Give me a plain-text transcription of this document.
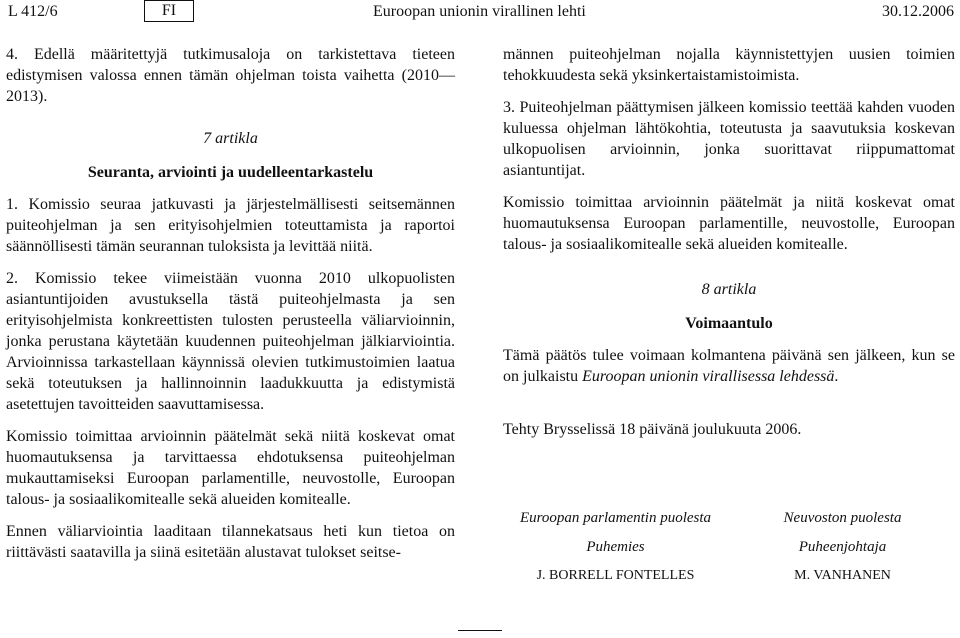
L 412/6	FI	Euroopan unionin virallinen lehti	30.12.2006

4. Edellä määritettyjä tutkimusaloja on tarkistettava tieteen edistymisen valossa ennen tämän ohjelman toista vaihetta (2010—2013).

7 artikla

Seuranta, arviointi ja uudelleentarkastelu

1. Komissio seuraa jatkuvasti ja järjestelmällisesti seitsemännen puiteohjelman ja sen erityisohjelmien toteuttamista ja raportoi säännöllisesti tämän seurannan tuloksista ja levittää niitä.

2. Komissio tekee viimeistään vuonna 2010 ulkopuolisten asiantuntijoiden avustuksella tästä puiteohjelmasta ja sen erityisohjelmista konkreettisten tulosten perusteella väliarvioinnin, jonka perustana käytetään kuudennen puiteohjelman jälkiarviointia. Arvioinnissa tarkastellaan käynnissä olevien tutkimustoimien laatua sekä toteutuksen ja hallinnoinnin laadukkuutta ja edistymistä asetettujen tavoitteiden saavuttamisessa.

Komissio toimittaa arvioinnin päätelmät sekä niitä koskevat omat huomautuksensa ja tarvittaessa ehdotuksensa puiteohjelman mukauttamiseksi Euroopan parlamentille, neuvostolle, Euroopan talous- ja sosiaalikomitealle sekä alueiden komitealle.

Ennen väliarviointia laaditaan tilannekatsaus heti kun tietoa on riittävästi saatavilla ja siinä esitetään alustavat tulokset seitse-

männen puiteohjelman nojalla käynnistettyjen uusien toimien tehokkuudesta sekä yksinkertaistamistoimista.

3. Puiteohjelman päättymisen jälkeen komissio teettää kahden vuoden kuluessa ohjelman lähtökohtia, toteutusta ja saavutuksia koskevan ulkopuolisen arvioinnin, jonka suorittavat riippumattomat asiantuntijat.

Komissio toimittaa arvioinnin päätelmät ja niitä koskevat omat huomautuksensa Euroopan parlamentille, neuvostolle, Euroopan talous- ja sosiaalikomitealle sekä alueiden komitealle.

8 artikla

Voimaantulo

Tämä päätös tulee voimaan kolmantena päivänä sen jälkeen, kun se on julkaistu Euroopan unionin virallisessa lehdessä.

Tehty Brysselissä 18 päivänä joulukuuta 2006.

Euroopan parlamentin puolesta
Puhemies
J. BORRELL FONTELLES
Neuvoston puolesta
Puheenjohtaja
M. VANHANEN
